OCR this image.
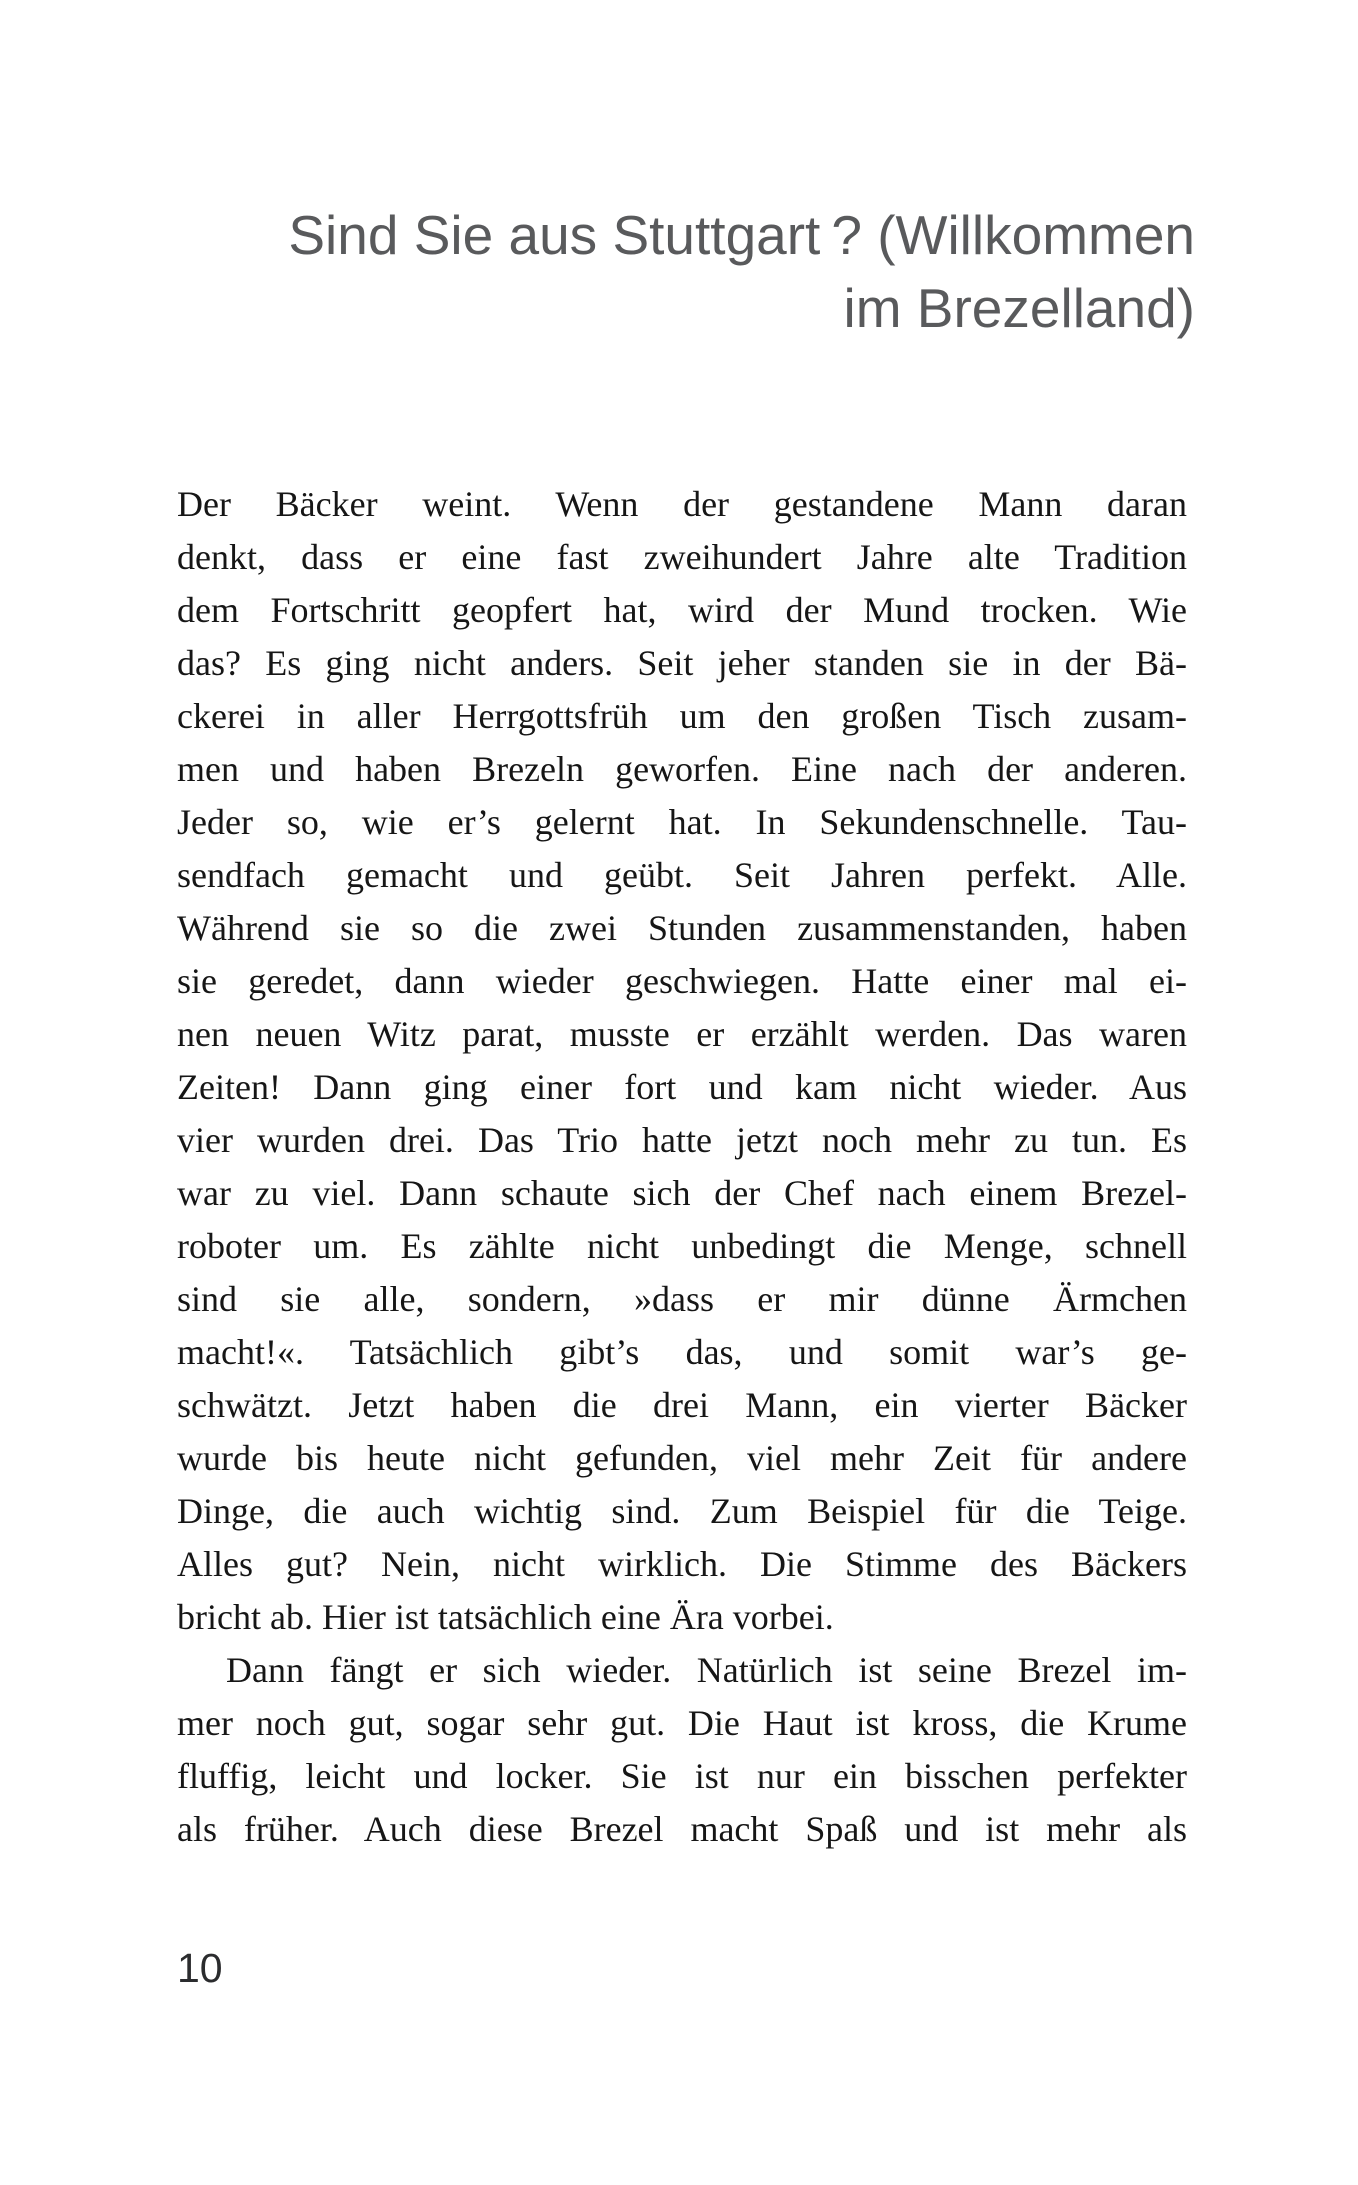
Sind Sie aus Stuttgart ? (Willkommen
im Brezelland)
Der Bäcker weint. Wenn der gestandene Mann daran
denkt, dass er eine fast zweihundert Jahre alte Tradition
dem Fortschritt geopfert hat, wird der Mund trocken. Wie
das? Es ging nicht anders. Seit jeher standen sie in der Bä-
ckerei in aller Herrgottsfrüh um den großen Tisch zusam-
men und haben Brezeln geworfen. Eine nach der anderen.
Jeder so, wie er’s gelernt hat. In Sekundenschnelle. Tau-
sendfach gemacht und geübt. Seit Jahren perfekt. Alle.
Während sie so die zwei Stunden zusammenstanden, haben
sie geredet, dann wieder geschwiegen. Hatte einer mal ei-
nen neuen Witz parat, musste er erzählt werden. Das waren
Zeiten! Dann ging einer fort und kam nicht wieder. Aus
vier wurden drei. Das Trio hatte jetzt noch mehr zu tun. Es
war zu viel. Dann schaute sich der Chef nach einem Brezel-
roboter um. Es zählte nicht unbedingt die Menge, schnell
sind sie alle, sondern, »dass er mir dünne Ärmchen
macht!«. Tatsächlich gibt’s das, und somit war’s ge-
schwätzt. Jetzt haben die drei Mann, ein vierter Bäcker
wurde bis heute nicht gefunden, viel mehr Zeit für andere
Dinge, die auch wichtig sind. Zum Beispiel für die Teige.
Alles gut? Nein, nicht wirklich. Die Stimme des Bäckers
bricht ab. Hier ist tatsächlich eine Ära vorbei.
Dann fängt er sich wieder. Natürlich ist seine Brezel im-
mer noch gut, sogar sehr gut. Die Haut ist kross, die Krume
fluffig, leicht und locker. Sie ist nur ein bisschen perfekter
als früher. Auch diese Brezel macht Spaß und ist mehr als
10
